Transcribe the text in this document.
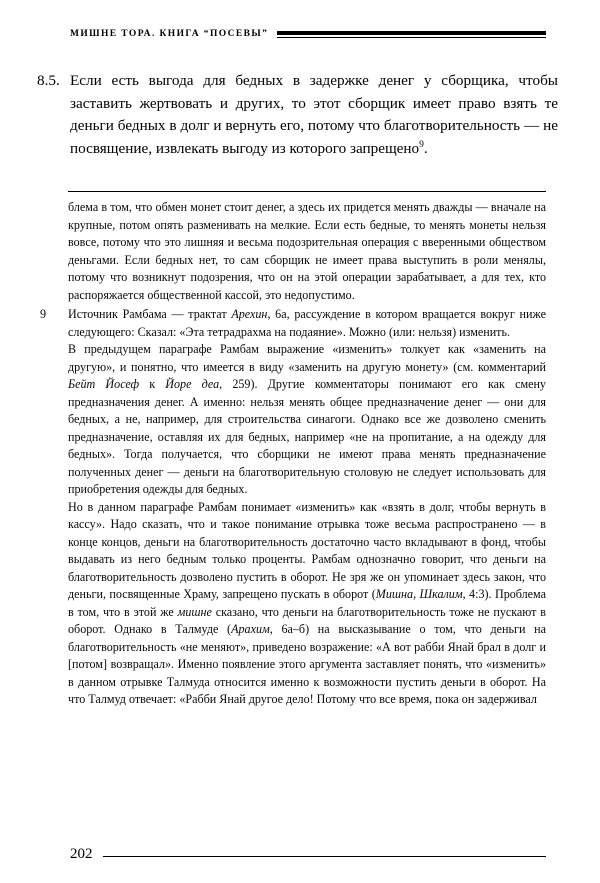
МИШНЕ ТОРА. КНИГА “ПОСЕВЫ”
8.5. Если есть выгода для бедных в задержке денег у сборщика, чтобы заставить жертвовать и других, то этот сборщик имеет право взять те деньги бедных в долг и вернуть его, потому что благотворительность — не посвящение, извлекать выгоду из которого запрещено$^9$.

блема в том, что обмен монет стоит денег, а здесь их придется менять дважды — вначале на крупные, потом опять разменивать на мелкие. Если есть бедные, то менять монеты нельзя вовсе, потому что это лишняя и весьма подозрительная операция с вверенными обществом деньгами. Если бедных нет, то сам сборщик не имеет права выступить в роли менялы, потому что возникнут подозрения, что он на этой операции зарабатывает, а для тех, кто распоряжается общественной кассой, это недопустимо.

9	Источник Рамбама — трактат Арехин, 6а, рассуждение в котором вращается вокруг ниже следующего: Сказал: «Эта тетрадрахма на подаяние». Можно (или: нельзя) изменить.

В предыдущем параграфе Рамбам выражение «изменить» толкует как «заменить на другую», и понятно, что имеется в виду «заменить на другую монету» (см. комментарий Бейт Йосеф к Йоре деа, 259). Другие комментаторы понимают его как смену предназначения денег. А именно: нельзя менять общее предназначение денег — они для бедных, а не, например, для строительства синагоги. Однако все же дозволено сменить предназначение, оставляя их для бедных, например «не на пропитание, а на одежду для бедных». Тогда получается, что сборщики не имеют права менять предназначение полученных денег — деньги на благотворительную столовую не следует использовать для приобретения одежды для бедных.

Но в данном параграфе Рамбам понимает «изменить» как «взять в долг, чтобы вернуть в кассу». Надо сказать, что и такое понимание отрывка тоже весьма распространено — в конце концов, деньги на благотворительность достаточно часто вкладывают в фонд, чтобы выдавать из него бедным только проценты. Рамбам однозначно говорит, что деньги на благотворительность дозволено пустить в оборот. Не зря же он упоминает здесь закон, что деньги, посвященные Храму, запрещено пускать в оборот (Мишна, Шкалим, 4:3). Проблема в том, что в этой же мишне сказано, что деньги на благотворительность тоже не пускают в оборот. Однако в Талмуде (Арахим, 6а–б) на высказывание о том, что деньги на благотворительность «не меняют», приведено возражение: «А вот рабби Янай брал в долг и [потом] возвращал». Именно появление этого аргумента заставляет понять, что «изменить» в данном отрывке Талмуда относится именно к возможности пустить деньги в оборот. На что Талмуд отвечает: «Рабби Янай другое дело! Потому что все время, пока он задерживал

202
